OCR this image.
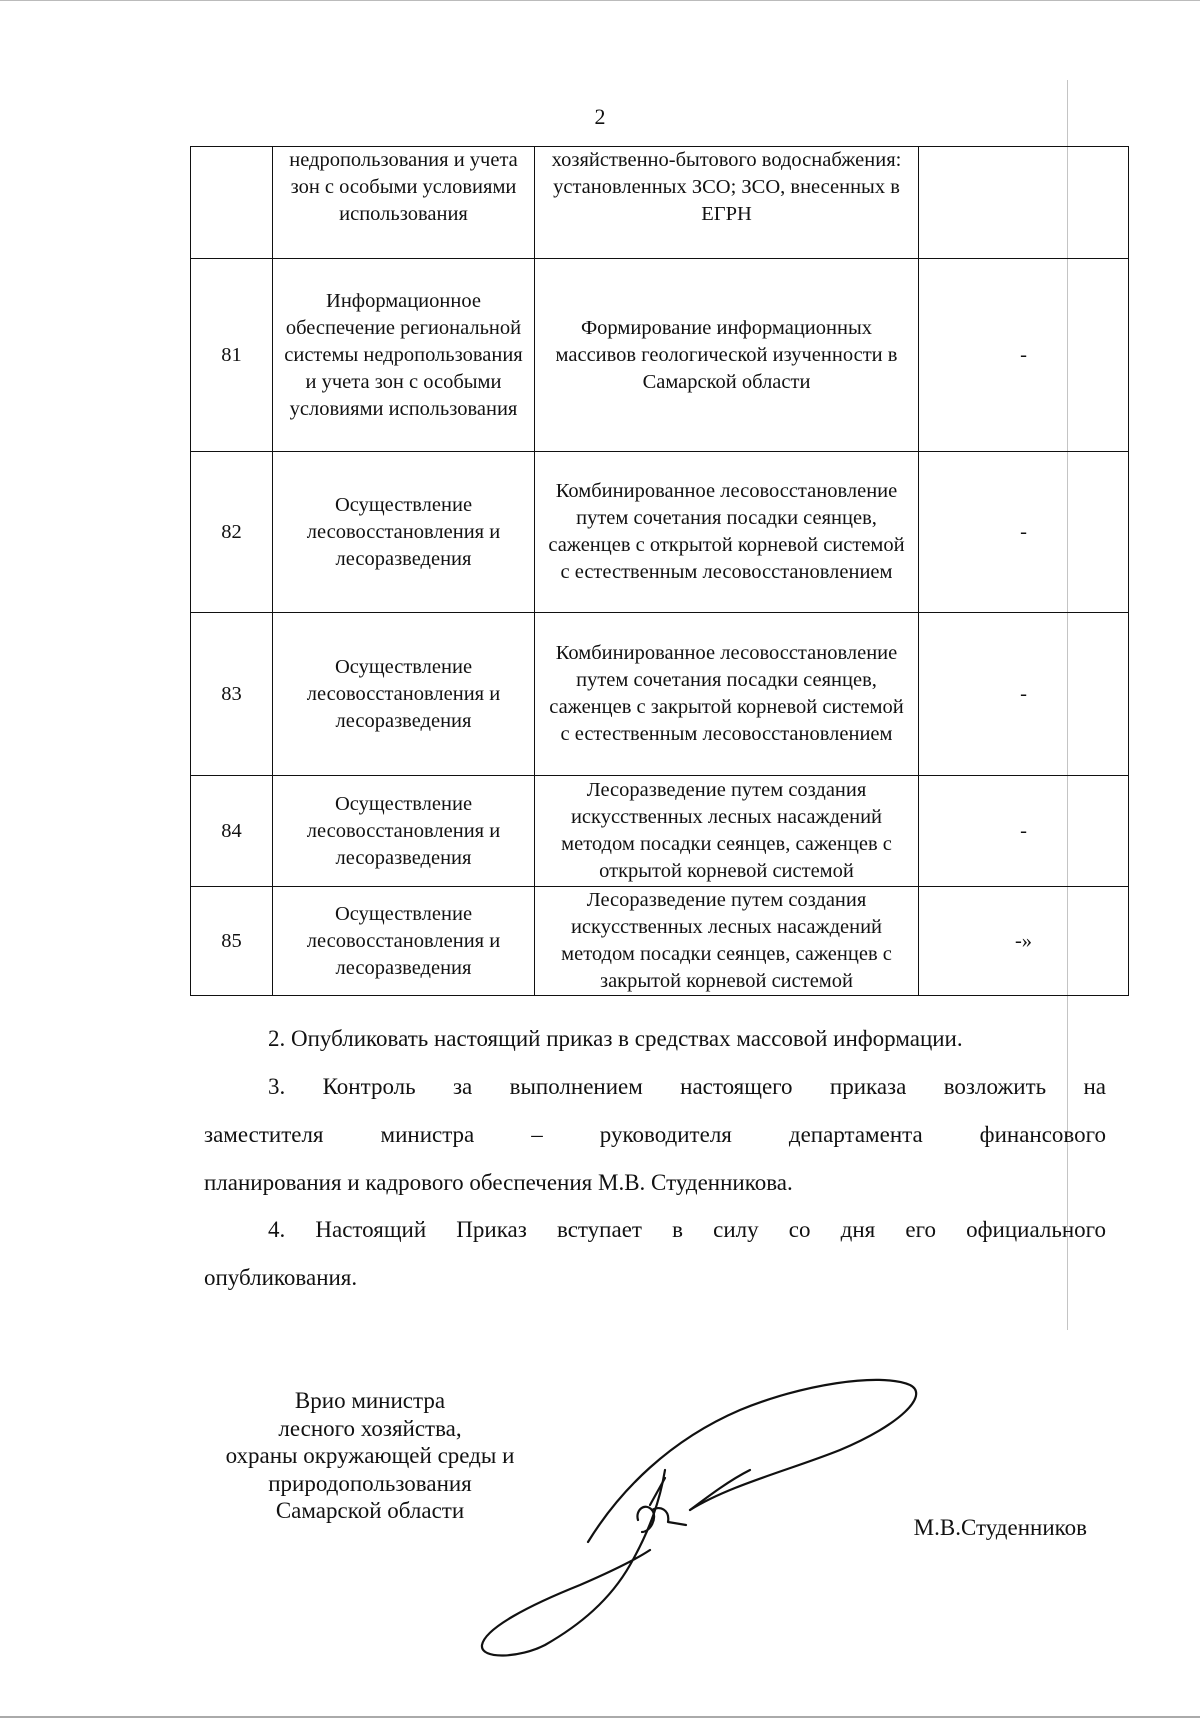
2
	недропользования и учета зон с особыми условиями использования	хозяйственно-бытового водоснабжения: установленных ЗСО; ЗСО, внесенных в ЕГРН	
81	Информационное обеспечение региональной системы недропользования и учета зон с особыми условиями использования	Формирование информационных массивов геологической изученности в Самарской области	-
82	Осуществление лесовосстановления и лесоразведения	Комбинированное лесовосстановление путем сочетания посадки сеянцев, саженцев с открытой корневой системой с естественным лесовосстановлением	-
83	Осуществление лесовосстановления и лесоразведения	Комбинированное лесовосстановление путем сочетания посадки сеянцев, саженцев с закрытой корневой системой с естественным лесовосстановлением	-
84	Осуществление лесовосстановления и лесоразведения	Лесоразведение путем создания искусственных лесных насаждений методом посадки сеянцев, саженцев с открытой корневой системой	-
85	Осуществление лесовосстановления и лесоразведения	Лесоразведение путем создания искусственных лесных насаждений методом посадки сеянцев, саженцев с закрытой корневой системой	-»
2. Опубликовать настоящий приказ в средствах массовой информации.
3. Контроль за выполнением настоящего приказа возложить на
заместителя министра – руководителя департамента финансового
планирования и кадрового обеспечения М.В. Студенникова.
4. Настоящий Приказ вступает в силу со дня его официального
опубликования.
Врио министра
лесного хозяйства,
охраны окружающей среды и
природопользования
Самарской области
М.В.Студенников
